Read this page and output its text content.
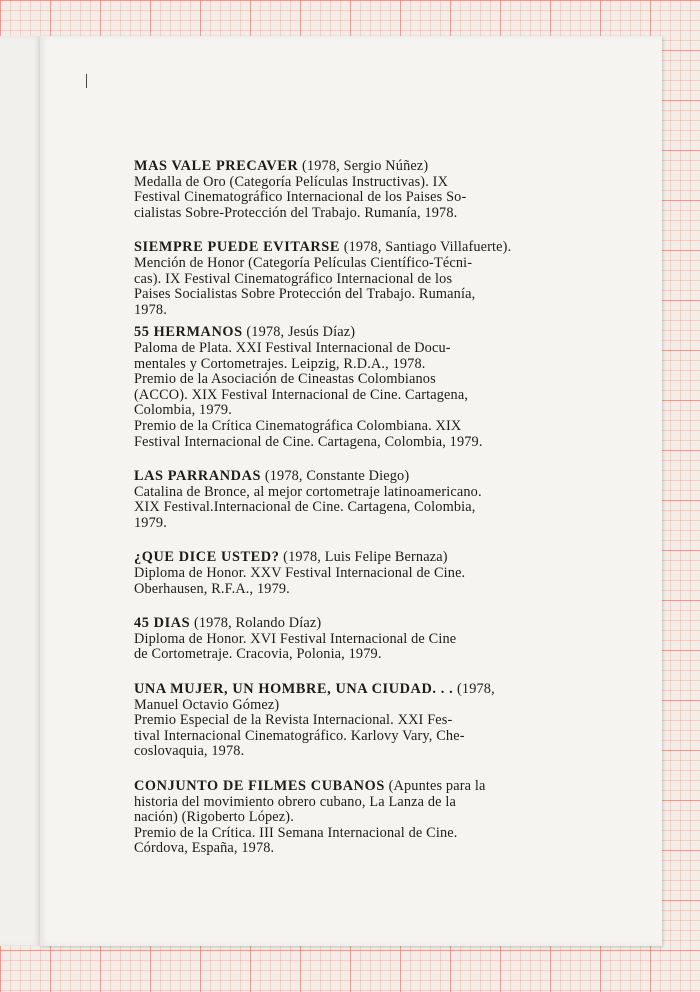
MAS VALE PRECAVER (1978, Sergio Núñez)
Medalla de Oro (Categoría Películas Instructivas). IX
Festival Cinematográfico Internacional de los Paises So-
cialistas Sobre-Protección del Trabajo. Rumanía, 1978.
SIEMPRE PUEDE EVITARSE (1978, Santiago Villafuerte).
Mención de Honor (Categoría Películas Científico-Técni-
cas). IX Festival Cinematográfico Internacional de los
Paises Socialistas Sobre Protección del Trabajo. Rumanía,
1978.
55 HERMANOS (1978, Jesús Díaz)
Paloma de Plata. XXI Festival Internacional de Docu-
mentales y Cortometrajes. Leipzig, R.D.A., 1978.
Premio de la Asociación de Cineastas Colombianos
(ACCO). XIX Festival Internacional de Cine. Cartagena,
Colombia, 1979.
Premio de la Crítica Cinematográfica Colombiana. XIX
Festival Internacional de Cine. Cartagena, Colombia, 1979.
LAS PARRANDAS (1978, Constante Diego)
Catalina de Bronce, al mejor cortometraje latinoamericano.
XIX Festival.Internacional de Cine. Cartagena, Colombia,
1979.
¿QUE DICE USTED? (1978, Luis Felipe Bernaza)
Diploma de Honor. XXV Festival Internacional de Cine.
Oberhausen, R.F.A., 1979.
45 DIAS (1978, Rolando Díaz)
Diploma de Honor. XVI Festival Internacional de Cine
de Cortometraje. Cracovia, Polonia, 1979.
UNA MUJER, UN HOMBRE, UNA CIUDAD. . . (1978,
Manuel Octavio Gómez)
Premio Especial de la Revista Internacional. XXI Fes-
tival Internacional Cinematográfico. Karlovy Vary, Che-
coslovaquia, 1978.
CONJUNTO DE FILMES CUBANOS (Apuntes para la
historia del movimiento obrero cubano, La Lanza de la
nación) (Rigoberto López).
Premio de la Crítica. III Semana Internacional de Cine.
Córdova, España, 1978.
